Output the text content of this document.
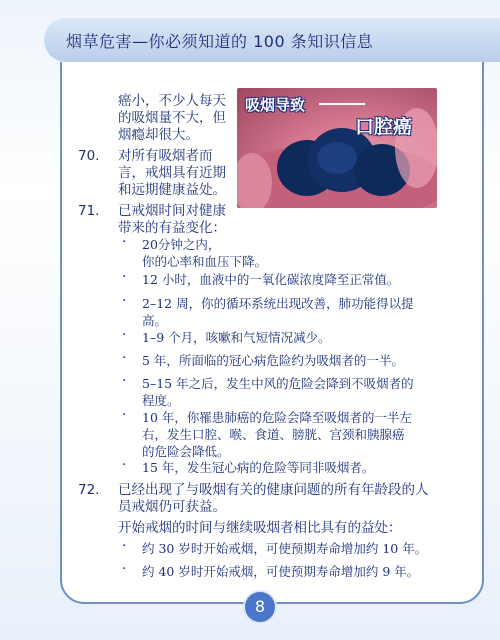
烟草危害—你必须知道的 100 条知识信息
吸烟导致
口腔癌
癌小，不少人每天
的吸烟量不大，但
烟瘾却很大。
70. 对所有吸烟者而
言，戒烟具有近期
和远期健康益处。
71. 已戒烟时间对健康
带来的有益变化：
· 20分钟之内，
你的心率和血压下降。
· 12 小时，血液中的一氧化碳浓度降至正常值。
· 2–12 周，你的循环系统出现改善，肺功能得以提
高。
· 1–9 个月，咳嗽和气短情况减少。
· 5 年，所面临的冠心病危险约为吸烟者的一半。
· 5–15 年之后，发生中风的危险会降到不吸烟者的
程度。
· 10 年，你罹患肺癌的危险会降至吸烟者的一半左
右，发生口腔、喉、食道、膀胱、宫颈和胰腺癌
的危险会降低。
· 15 年，发生冠心病的危险等同非吸烟者。
72. 已经出现了与吸烟有关的健康问题的所有年龄段的人
员戒烟仍可获益。
开始戒烟的时间与继续吸烟者相比具有的益处：
· 约 30 岁时开始戒烟，可使预期寿命增加约 10 年。
· 约 40 岁时开始戒烟，可使预期寿命增加约 9 年。
8
